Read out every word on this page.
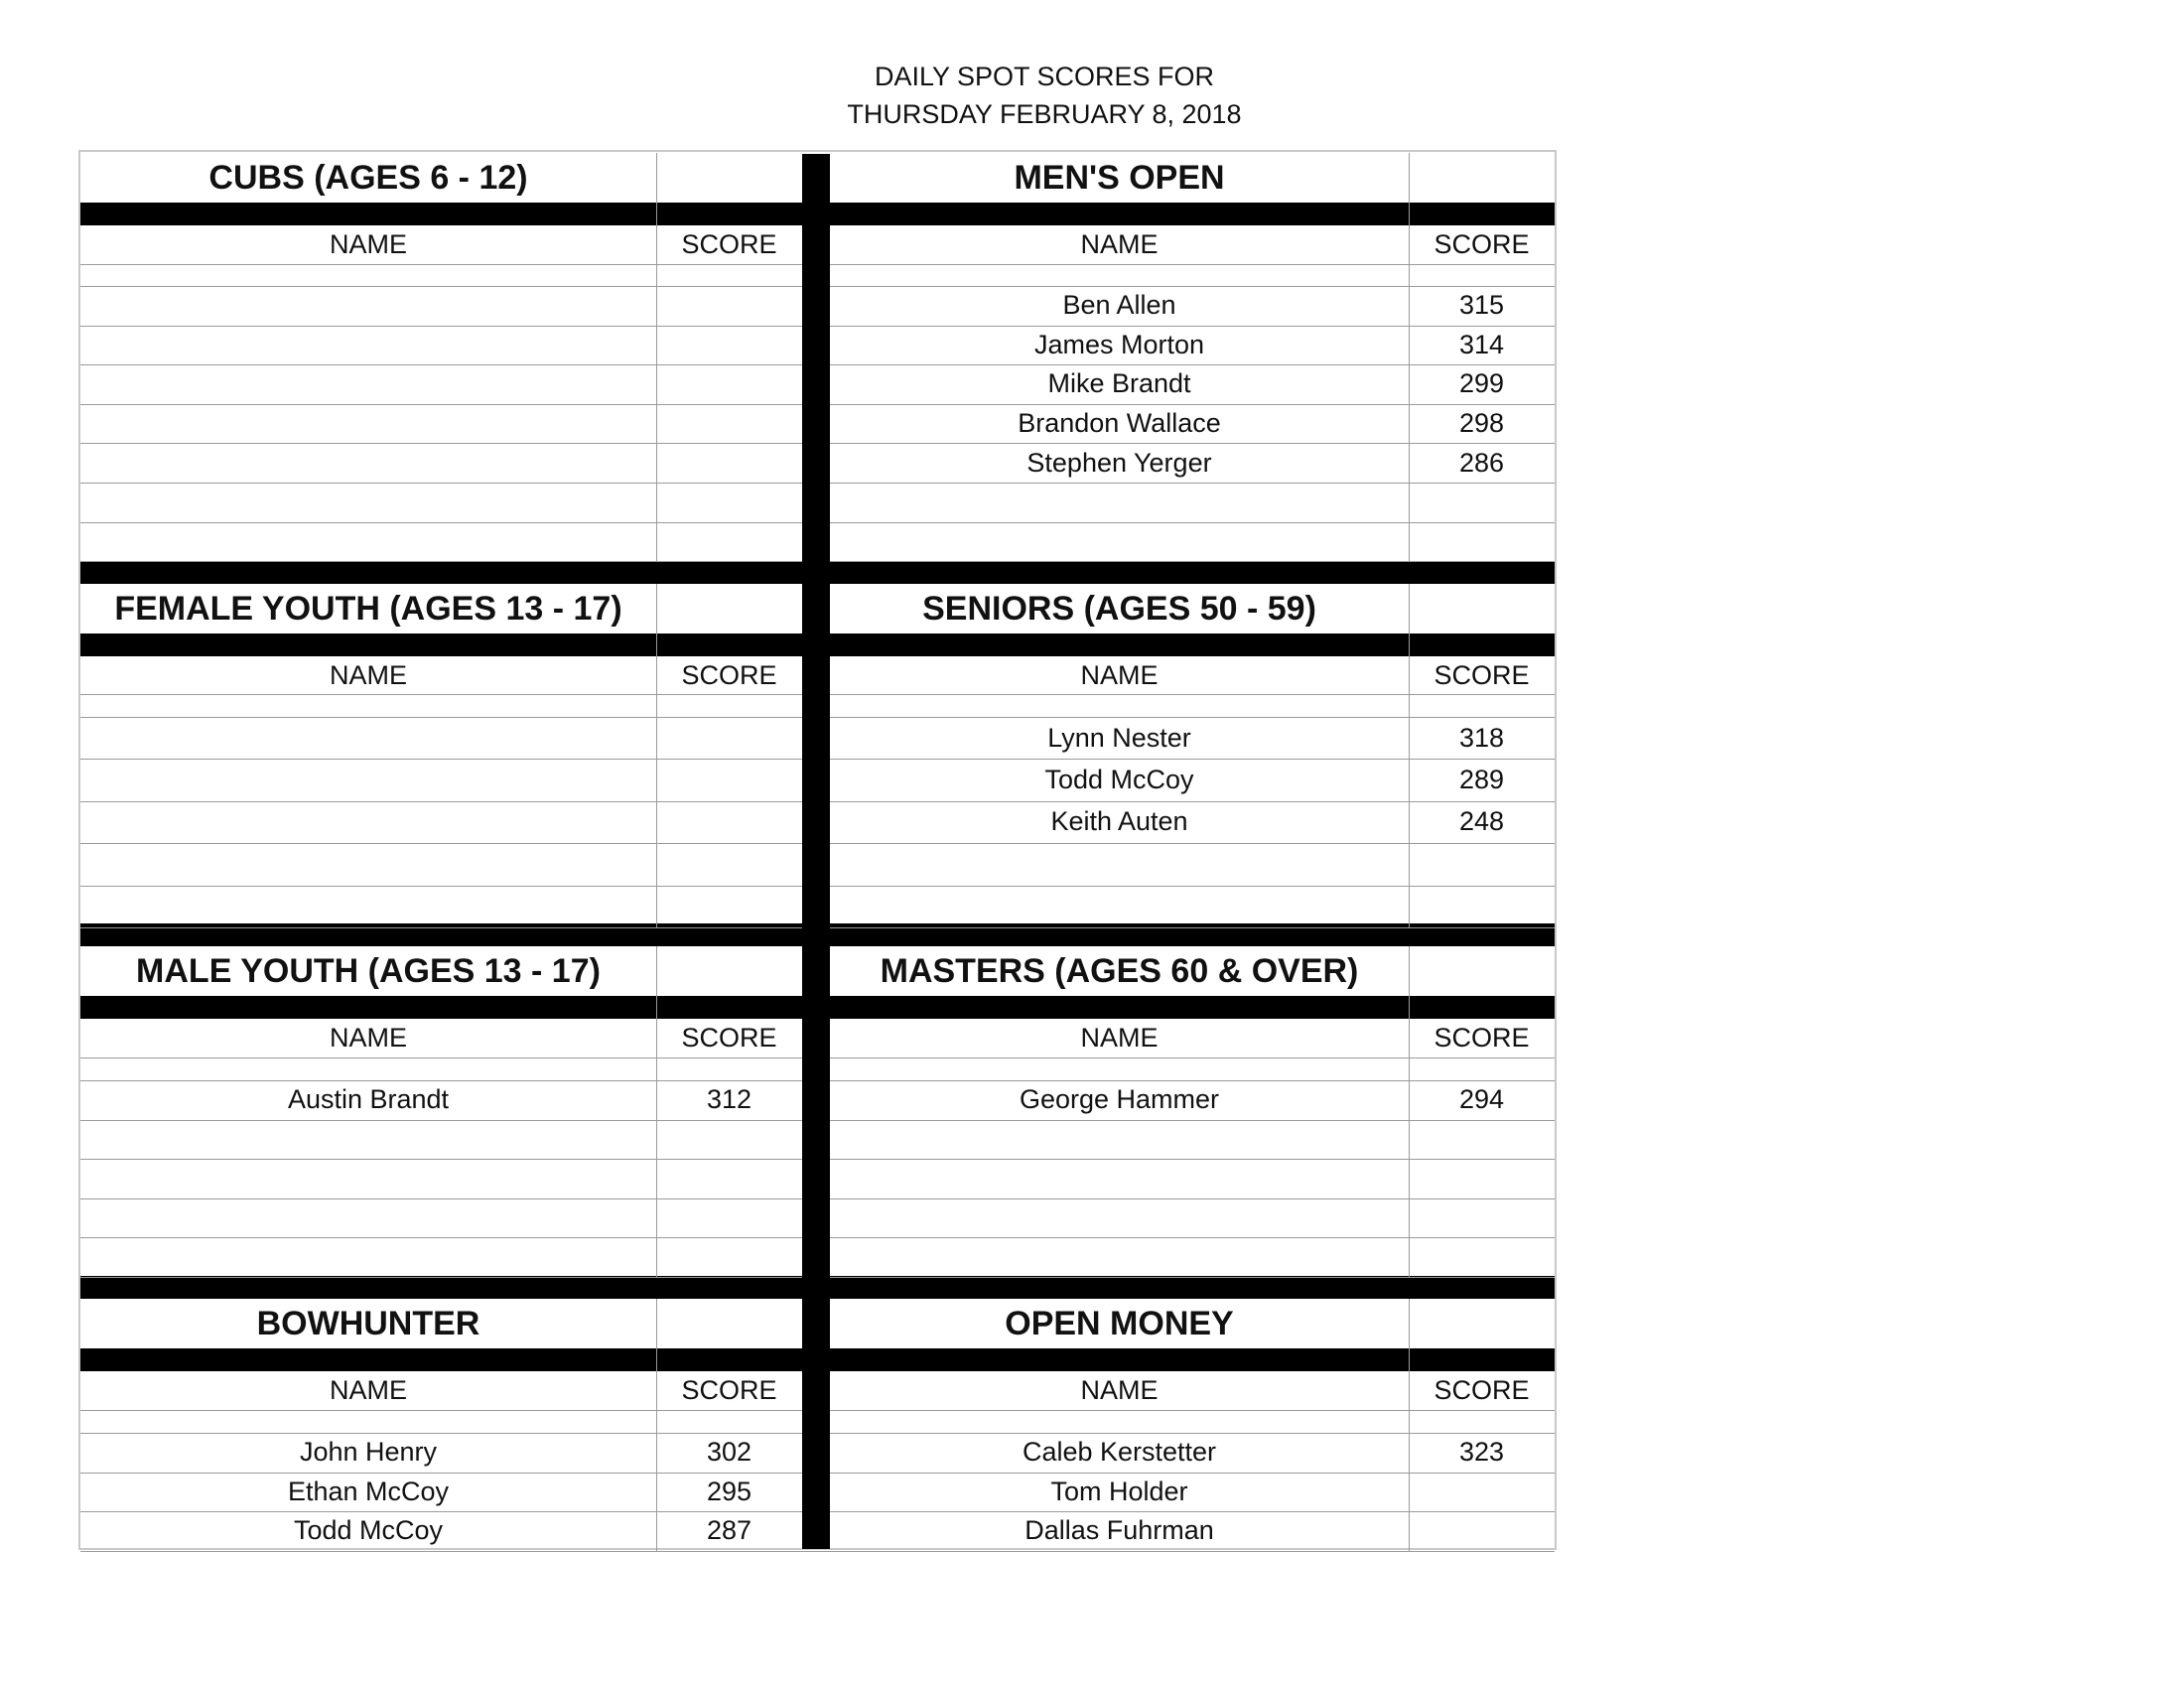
DAILY SPOT SCORES FOR
THURSDAY FEBRUARY 8, 2018
CUBS (AGES 6 - 12)
NAME	SCORE
MEN'S OPEN
NAME	SCORE
Ben Allen	315
James Morton	314
Mike Brandt	299
Brandon Wallace	298
Stephen Yerger	286
FEMALE YOUTH (AGES 13 - 17)
NAME	SCORE
SENIORS (AGES 50 - 59)
NAME	SCORE
Lynn Nester	318
Todd McCoy	289
Keith Auten	248
MALE YOUTH (AGES 13 - 17)
NAME	SCORE
Austin Brandt	312
MASTERS (AGES 60 & OVER)
NAME	SCORE
George Hammer	294
BOWHUNTER
NAME	SCORE
John Henry	302
Ethan McCoy	295
Todd McCoy	287
OPEN MONEY
NAME	SCORE
Caleb Kerstetter	323
Tom Holder
Dallas Fuhrman
